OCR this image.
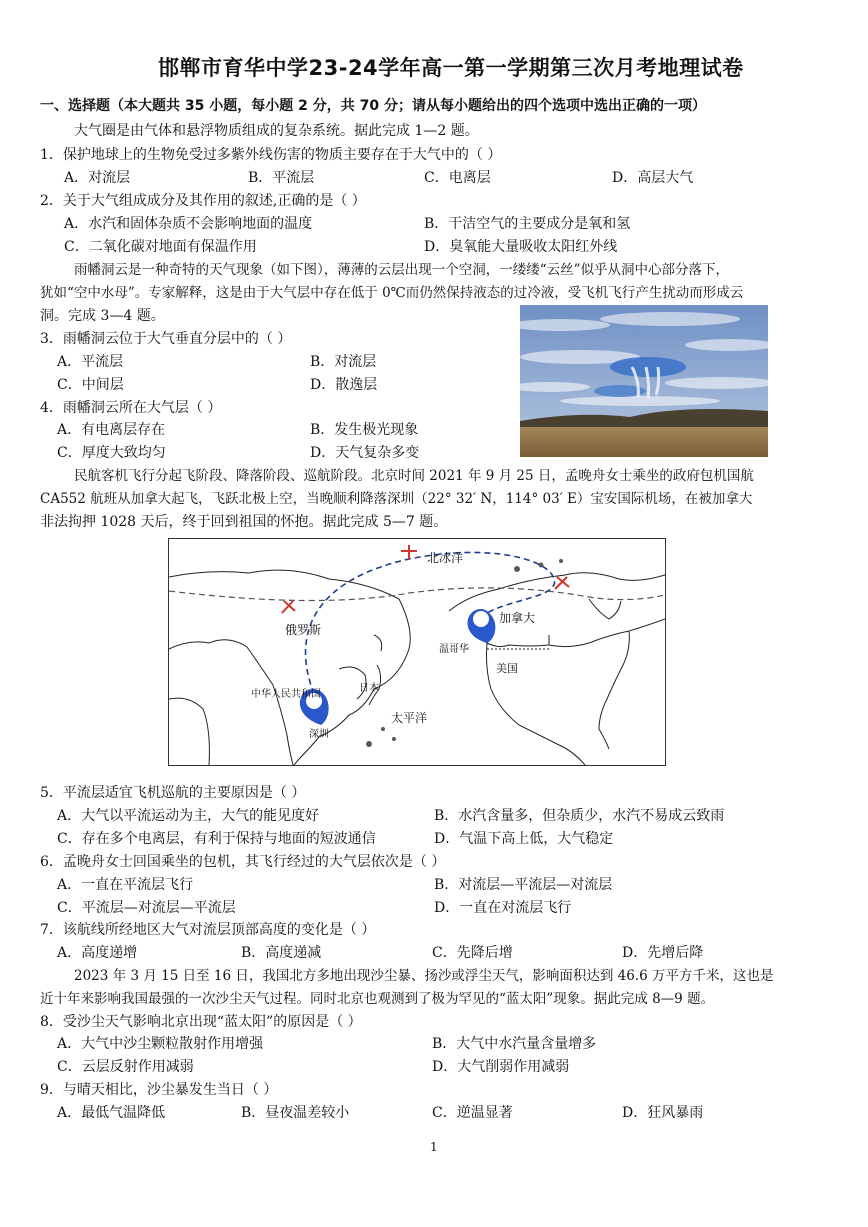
邯郸市育华中学23-24学年高一第一学期第三次月考地理试卷
一、选择题（本大题共 35 小题，每小题 2 分，共 70 分；请从每小题给出的四个选项中选出正确的一项）
大气圈是由气体和悬浮物质组成的复杂系统。据此完成 1—2 题。
1．保护地球上的生物免受过多紫外线伤害的物质主要存在于大气中的（ ）
A．对流层	B．平流层	C．电离层	D．高层大气
2．关于大气组成成分及其作用的叙述,正确的是（ ）
A．水汽和固体杂质不会影响地面的温度	B．干洁空气的主要成分是氧和氢
C．二氧化碳对地面有保温作用	D．臭氧能大量吸收太阳红外线
雨幡洞云是一种奇特的天气现象（如下图），薄薄的云层出现一个空洞，一缕缕“云丝”似乎从洞中心部分落下，
犹如“空中水母”。专家解释，这是由于大气层中存在低于 0℃而仍然保持液态的过冷液，受飞机飞行产生扰动而形成云
洞。完成 3—4 题。
3．雨幡洞云位于大气垂直分层中的（ ）
A．平流层	B．对流层
C．中间层	D．散逸层
4．雨幡洞云所在大气层（ ）
A．有电离层存在	B．发生极光现象
C．厚度大致均匀	D．天气复杂多变
民航客机飞行分起飞阶段、降落阶段、巡航阶段。北京时间 2021 年 9 月 25 日，孟晚舟女士乘坐的政府包机国航
CA552 航班从加拿大起飞，飞跃北极上空，当晚顺利降落深圳（22° 32′ N，114° 03′ E）宝安国际机场，在被加拿大
非法拘押 1028 天后，终于回到祖国的怀抱。据此完成 5—7 题。
北冰洋
俄罗斯
加拿大
温哥华
美国
中华人民共和国
日本
太平洋
深圳
5．平流层适宜飞机巡航的主要原因是（ ）
A．大气以平流运动为主，大气的能见度好	B．水汽含量多，但杂质少，水汽不易成云致雨
C．存在多个电离层，有利于保持与地面的短波通信	D．气温下高上低，大气稳定
6．孟晚舟女士回国乘坐的包机，其飞行经过的大气层依次是（ ）
A．一直在平流层飞行	B．对流层—平流层—对流层
C．平流层—对流层—平流层	D．一直在对流层飞行
7．该航线所经地区大气对流层顶部高度的变化是（ ）
A．高度递增	B．高度递减	C．先降后增	D．先增后降
2023 年 3 月 15 日至 16 日，我国北方多地出现沙尘暴、扬沙或浮尘天气，影响面积达到 46.6 万平方千米，这也是
近十年来影响我国最强的一次沙尘天气过程。同时北京也观测到了极为罕见的“蓝太阳”现象。据此完成 8—9 题。
8．受沙尘天气影响北京出现“蓝太阳”的原因是（ ）
A．大气中沙尘颗粒散射作用增强	B．大气中水汽量含量增多
C．云层反射作用减弱	D．大气削弱作用减弱
9．与晴天相比，沙尘暴发生当日（ ）
A．最低气温降低	B．昼夜温差较小	C．逆温显著	D．狂风暴雨
1
